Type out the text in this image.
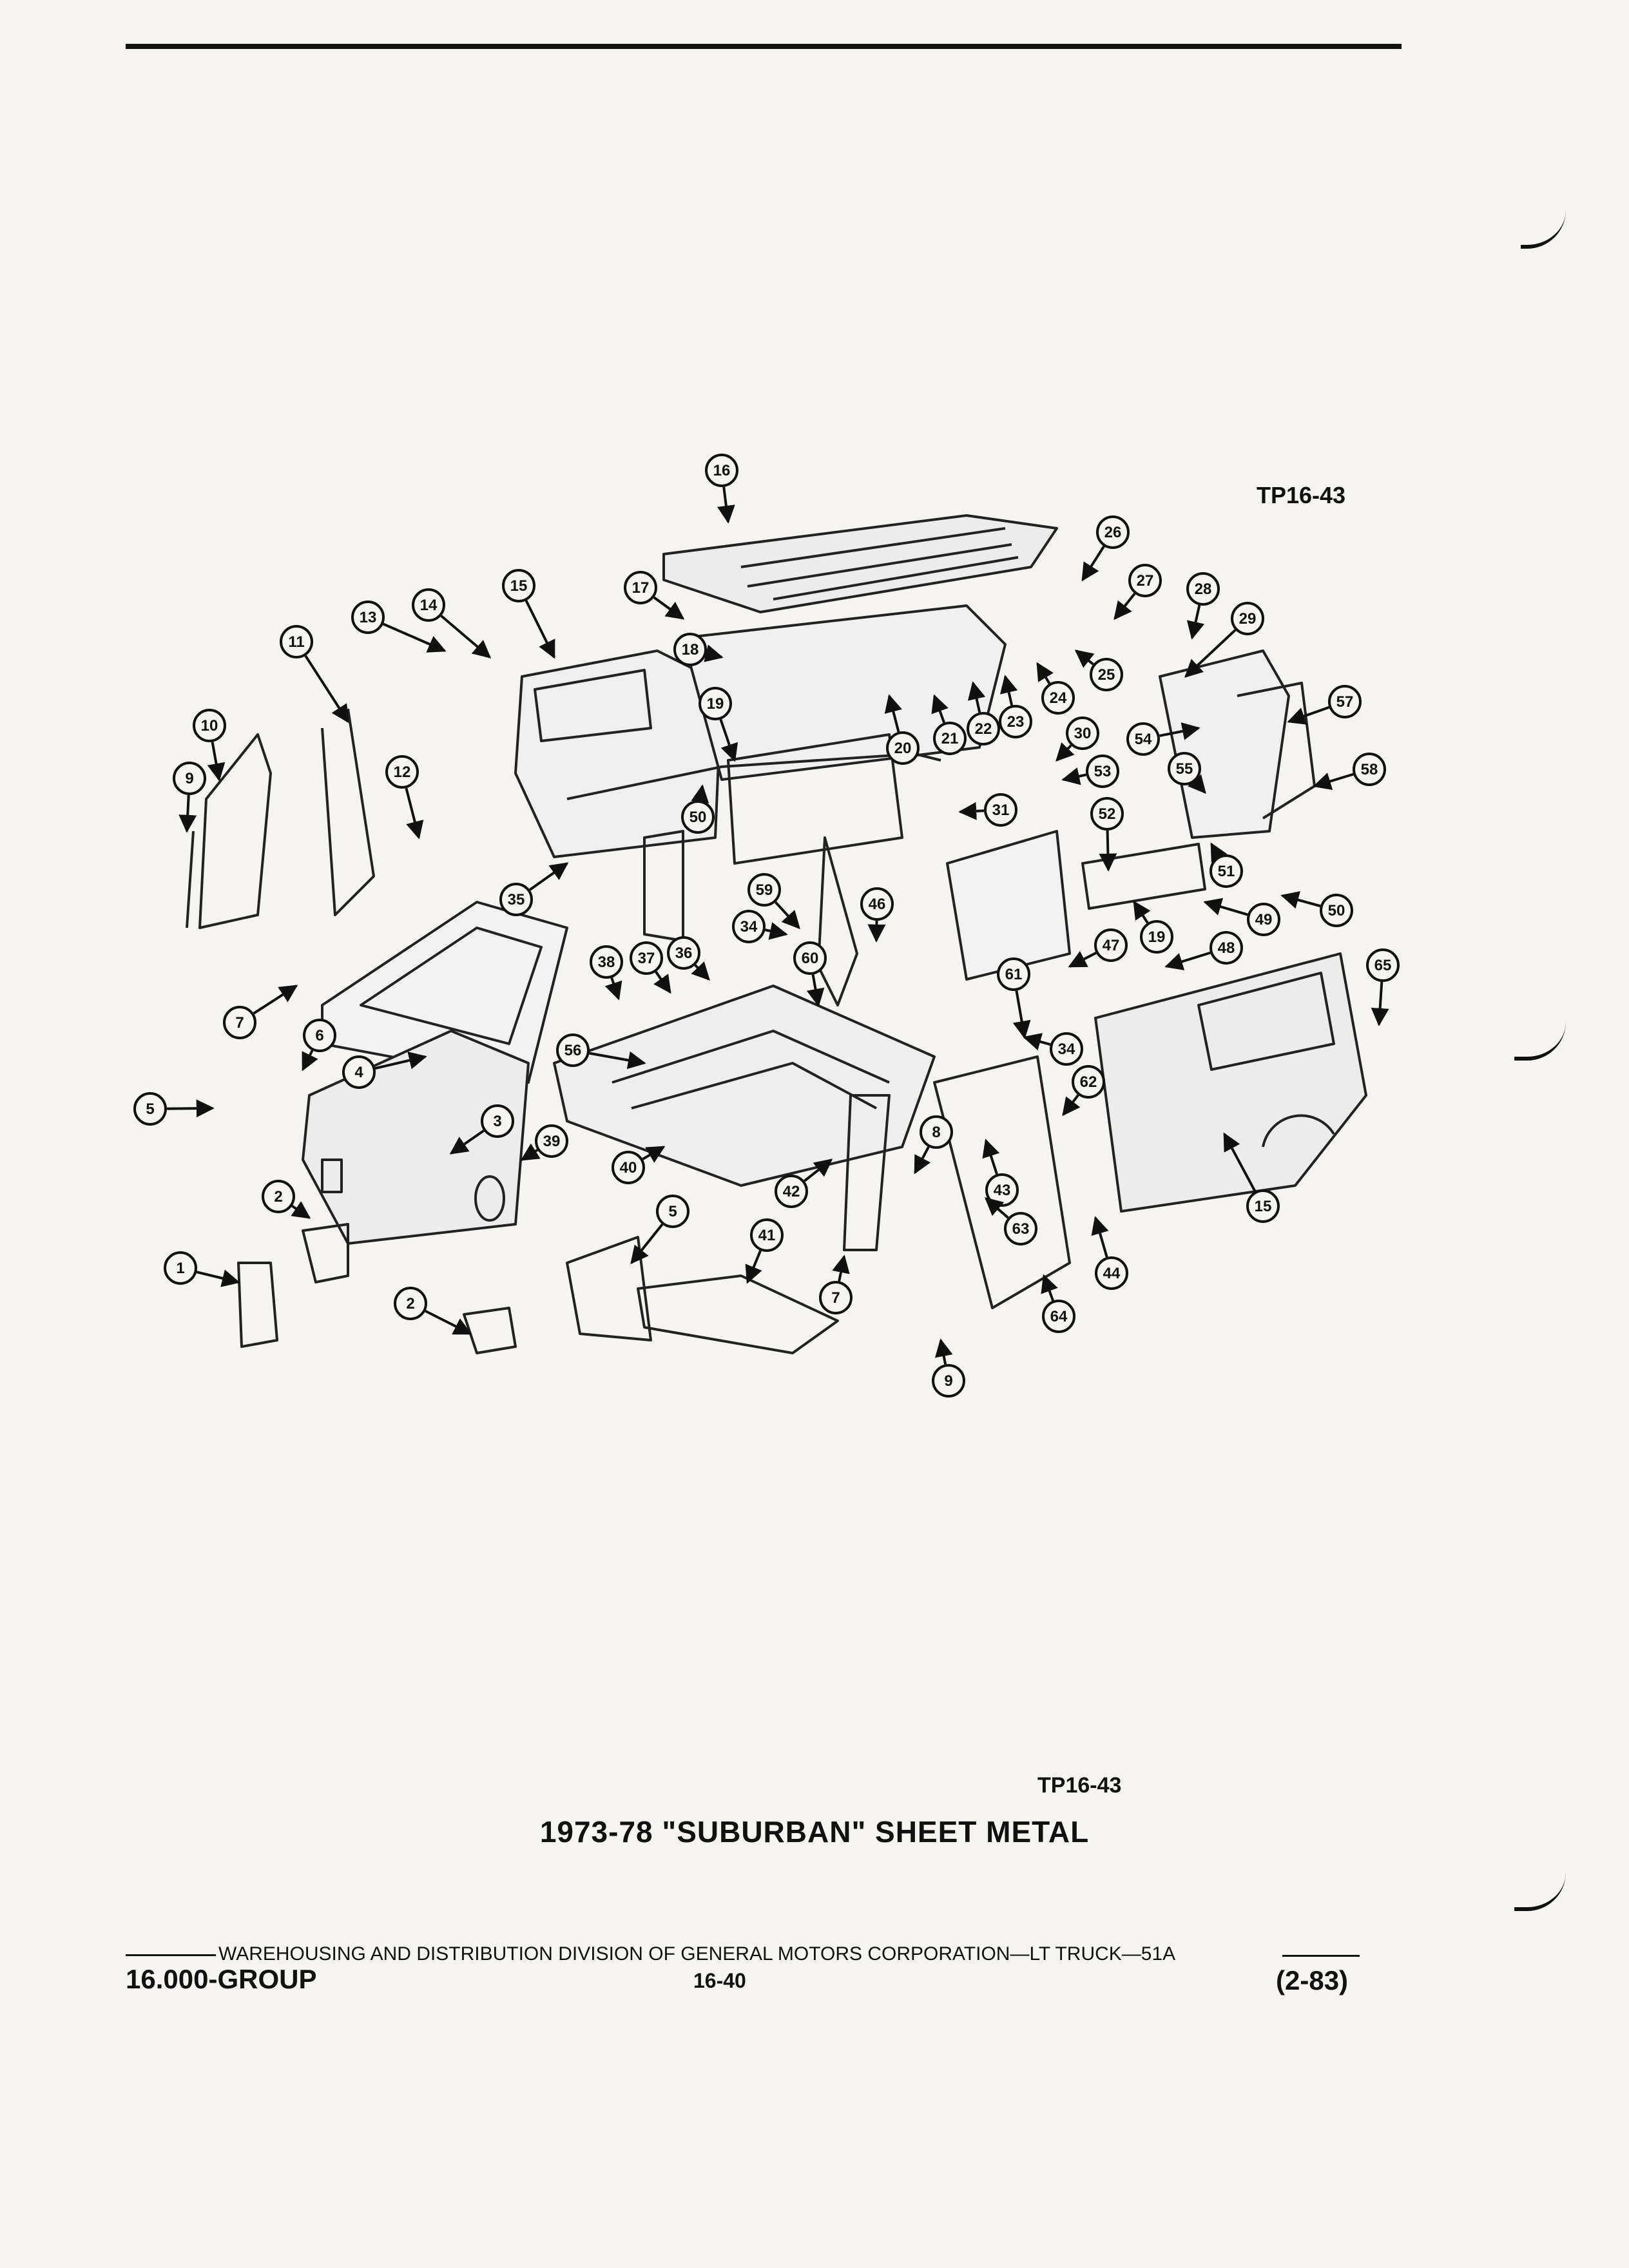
TP16-43
1
2
2
3
4
5
5
6
7
7
8
9
9
10
11
12
13
14
15
15
16
17
18
19
19
20
21
22 23
24
25
26
27	28
29
30
31
34
34
35
36
37
38
39
40
41
42	43
44
46
47	48
49
50
50
51
52
53
54
55
56
57
58
59
60
61
62
63
64
65
TP16-43
1973-78 "SUBURBAN" SHEET METAL
WAREHOUSING AND DISTRIBUTION DIVISION OF GENERAL MOTORS CORPORATION—LT TRUCK—51A
16.000-GROUP	16-40	(2-83)
